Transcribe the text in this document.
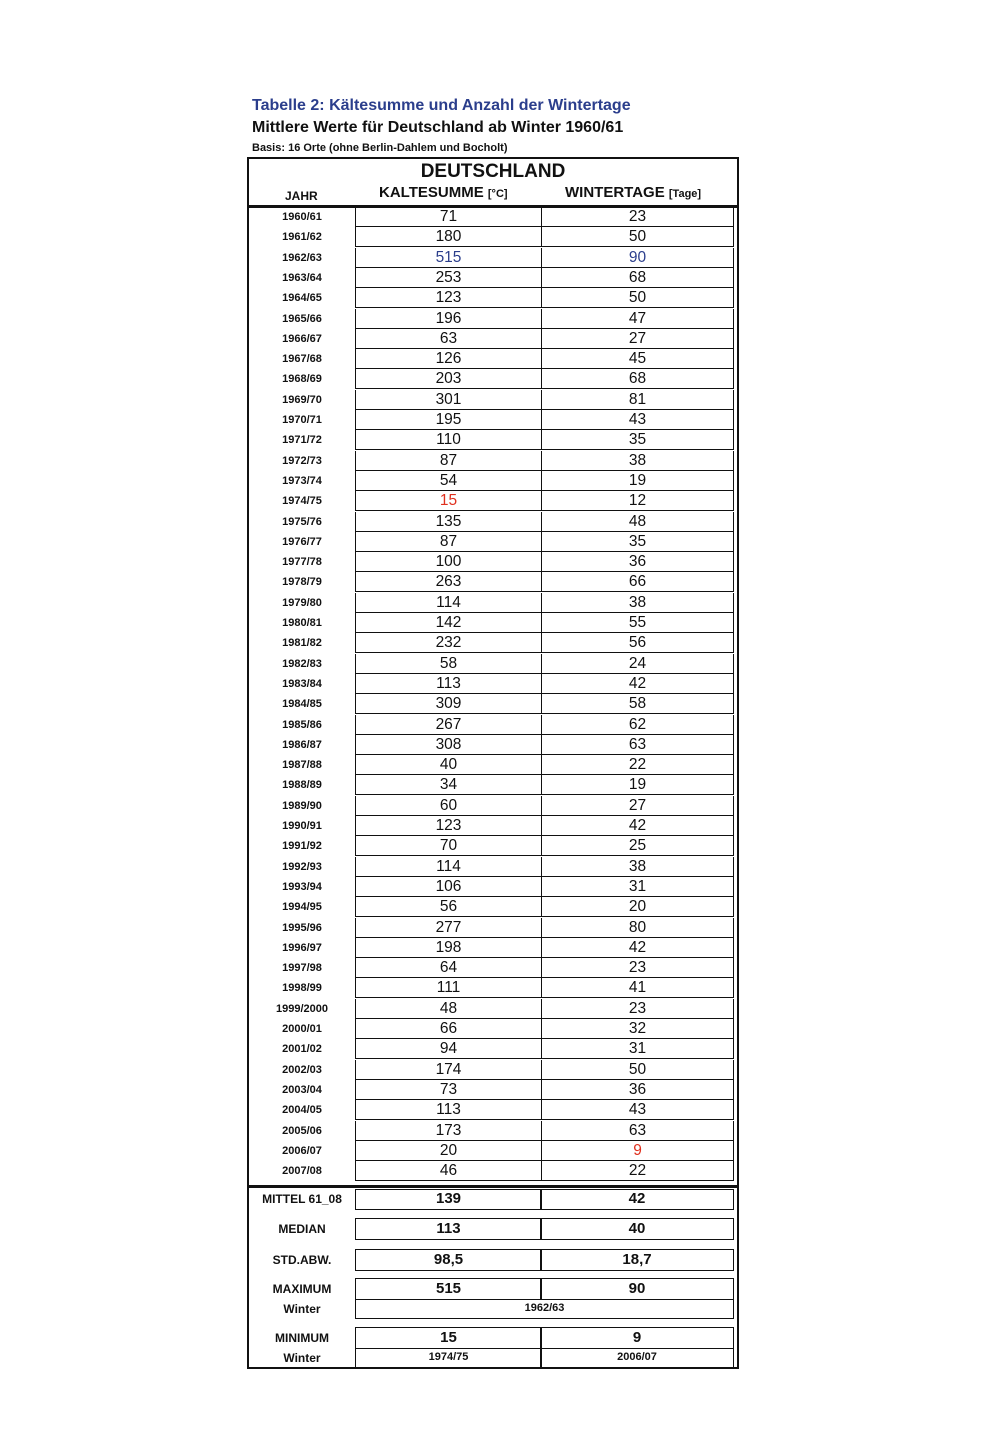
Tabelle 2: Kältesumme und Anzahl der Wintertage
Mittlere Werte für Deutschland ab Winter 1960/61
Basis: 16 Orte (ohne Berlin-Dahlem und Bocholt)
DEUTSCHLAND
JAHR	KALTESUMME [°C]	WINTERTAGE [Tage]
1960/61	71	23
1961/62	180	50
1962/63	515	90
1963/64	253	68
1964/65	123	50
1965/66	196	47
1966/67	63	27
1967/68	126	45
1968/69	203	68
1969/70	301	81
1970/71	195	43
1971/72	110	35
1972/73	87	38
1973/74	54	19
1974/75	15	12
1975/76	135	48
1976/77	87	35
1977/78	100	36
1978/79	263	66
1979/80	114	38
1980/81	142	55
1981/82	232	56
1982/83	58	24
1983/84	113	42
1984/85	309	58
1985/86	267	62
1986/87	308	63
1987/88	40	22
1988/89	34	19
1989/90	60	27
1990/91	123	42
1991/92	70	25
1992/93	114	38
1993/94	106	31
1994/95	56	20
1995/96	277	80
1996/97	198	42
1997/98	64	23
1998/99	111	41
1999/2000	48	23
2000/01	66	32
2001/02	94	31
2002/03	174	50
2003/04	73	36
2004/05	113	43
2005/06	173	63
2006/07	20	9
2007/08	46	22
MITTEL 61_08	139	42
MEDIAN	113	40
STD.ABW.	98,5	18,7
MAXIMUM	515	90
Winter	1962/63
MINIMUM	15	9
Winter	1974/75	2006/07
